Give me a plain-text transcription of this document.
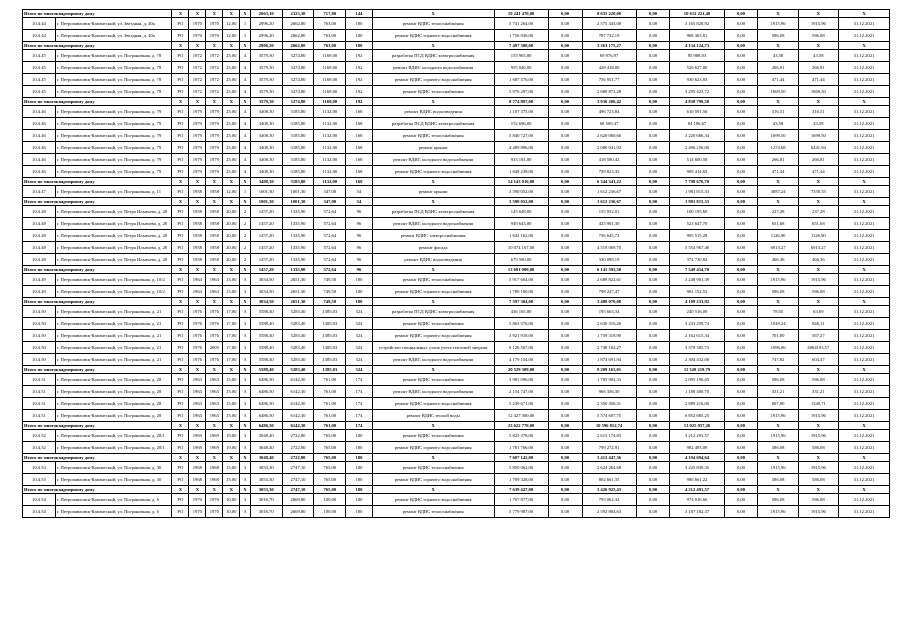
Итого по многоквартирному дому		X	X	X	X	X	2663,10	2323,30	717,00	144	X	19 241 470,00	0,00	8 635 220,00	0,00	10 612 221,40	0,00	X	X	X
10.4.44	г. Петропавловск-Камчатский, ул. Звездная, д. 40а	РО	1970	1970	12,00	1	2996,20	2662,80	763,00	180	ремонт ВДИС теплоснабжения	5 741 264,00	0,00	2 575 443,08	0,00	3 165 820,92	0,00	1915,96	1915,96	31.12.2021
10.4.44	г. Петропавловск-Камчатский, ул. Звездная, д. 40а	РО	1970	1970	12,00	1	2996,20	2662,80	763,00	180	ремонт ВДИС горячего водоснабжения	1 756 036,00	0,00	787 732,19	0,00	968 303,81	0,00	586,08	586,08	31.12.2021
Итого по многоквартирному дому		X	X	X	X	X	2996,20	2662,80	763,00	180	X	7 497 300,00	0,00	3 363 175,27	0,00	4 134 124,73	0,00	X	X	X
10.4.45	г. Петропавловск-Камчатский, ул. Пограничная, д. 78	РО	1972	1972	25,00	4	3579,30	3274,80	1169,00	192	разработка ПСД ВДИС электроснабжения	155 965,00	0,00	69 976,97	0,00	85 988,03	0,00	43,58	43,58	31.12.2021
10.4.45	г. Петропавловск-Камчатский, ул. Пограничная, д. 78	РО	1972	1972	25,00	4	3579,30	3274,80	1169,00	192	ремонт ВДИС холодного водоснабжения	955 046,00	0,00	428 418,00	0,00	526 627,00	0,00	266,81	266,81	31.12.2021
10.4.45	г. Петропавловск-Камчатский, ул. Пограничная, д. 78	РО	1972	1972	25,00	4	3579,30	3274,80	1169,00	192	ремонт ВДИС горячего водоснабжения	1 687 576,00	0,00	756 951,77	0,00	930 623,83	0,00	471,44	471,44	31.12.2021
10.4.45	г. Петропавловск-Камчатский, ул. Пограничная, д. 78	РО	1972	1972	25,00	4	3579,30	3274,80	1169,00	192	ремонт ВДИС теплоснабжения	5 976 297,00	0,00	2 680 873,28	0,00	3 295 423,72	0,00	1669,50	1669,50	31.12.2021
Итого по многоквартирному дому		X	X	X	X	X	3579,30	3274,80	1169,00	192	X	8 774 887,00	0,00	3 936 206,42	0,00	4 838 799,58	0,00	X	X	X
10.4.46	г. Петропавловск-Камчатский, ул. Пограничная, д. 79	РО	1979	1979	25,00	4	3408,30	3185,80	1132,00	168	ремонт ВДИС водоотведения	1 107 375,00	0,00	496 723,84	0,00	610 591,56	0,00	316,51	316,51	31.12.2021
10.4.46	г. Петропавловск-Камчатский, ул. Пограничная, д. 79	РО	1979	1979	25,00	4	3408,30	3185,80	1132,00	168	разработка ПСД ВДИС электроснабжения	152 696,00	0,00	68 509,47	0,00	84 186,67	0,00	43,58	43,58	31.12.2021
10.4.46	г. Петропавловск-Камчатский, ул. Пограничная, д. 79	РО	1979	1979	25,00	4	3408,30	3185,80	1132,00	168	ремонт ВДИС теплоснабжения	5 840 727,00	0,00	2 620 060,66	0,00	3 220 666,34	0,00	1699,50	1699,50	31.12.2021
10.4.46	г. Петропавловск-Камчатский, ул. Пограничная, д. 79	РО	1979	1979	25,00	4	3408,30	3185,80	1132,00	168	ремонт крыши	4 489 886,00	0,00	2 080 041,92	0,00	2 496 256,00	0,00	1274,68	6441,94	31.12.2021
10.4.46	г. Петропавловск-Камчатский, ул. Пограничная, д. 79	РО	1979	1979	25,00	4	3408,30	3185,80	1132,00	168	ремонт ВДИС холодного водоснабжения	933 181,00	0,00	418 580,42	0,00	514 600,58	0,00	266,81	266,81	31.12.2021
10.4.46	г. Петропавловск-Камчатский, ул. Пограничная, д. 79	РО	1979	1979	25,00	4	3408,30	3185,80	1132,00	168	ремонт ВДИС горячего водоснабжения	1 649 238,00	0,00	739 823,35	0,00	909 414,65	0,00	471,44	471,44	31.12.2021
Итого по многоквартирному дому		X	X	X	X	X	3408,30	3185,80	1132,00	168	X	14 143 016,00	0,00	6 344 341,22	0,00	7 798 676,70	0,00	X	X	X
10.4.47	г. Петропавловск-Камчатский, ул. Пограничная, д. 11	РО	1958	1958	12,00	1	1001,30	1001,30	347,00	54	ремонт крыши	3 590 052,00	0,00	1 612 236,67	0,00	1 981 815,33	0,00	3087,24	7350,35	31.12.2021
Итого по многоквартирному дому		X	X	X	X	X	1001,30	1001,30	347,00	54	X	3 590 052,00	0,00	1 612 236,67	0,00	1 981 815,33	0,00	X	X	X
10.4.48	г. Петропавловск-Камчатский, ул. Петра Ильичева, д. 20	РО	1958	1958	20,00	2	1457,20	1335,90	572,64	96	разработка ПСД ВДИС электроснабжения	145 648,00	0,00	155 052,01	0,00	100 195,60	0,00	237,28	237,28	31.12.2021
10.4.48	г. Петропавловск-Камчатский, ул. Петра Ильичева, д. 20	РО	1958	1958	20,00	2	1457,20	1335,90	572,64	96	ремонт ВДИС холодного водоснабжения	949 643,00	0,00	425 901,30	0,00	523 647,70	0,00	651,68	651,68	31.12.2021
10.4.48	г. Петропавловск-Камчатский, ул. Петра Ильичева, д. 20	РО	1958	1958	20,00	2	1457,20	1335,90	572,64	96	ремонт ВДИС электроснабжения	1 642 162,00	0,00	736 645,72	0,00	905 515,28	0,00	1126,90	1126,90	31.12.2021
10.4.48	г. Петропавловск-Камчатский, ул. Петра Ильичева, д. 20	РО	1958	1958	20,00	2	1457,20	1335,90	572,64	96	ремонт фасада	10 074 167,00	0,00	4 519 069,70	0,00	5 554 967,40	0,00	6913,27	6913,27	31.12.2021
10.4.48	г. Петропавловск-Камчатский, ул. Петра Ильичева, д. 20	РО	1958	1958	20,00	2	1457,20	1335,90	572,64	96	ремонт ВДИС водоотведения	679 580,00	0,00	330 098,19	0,00	374 730,82	0,00	466,36	466,36	31.12.2021
Итого по многоквартирному дому		X	X	X	X	X	1457,20	1335,90	572,64	96	X	13 691 090,00	0,00	6 141 595,30	0,00	7 549 454,70	0,00	X	X	X
10.4.49	г. Петропавловск-Камчатский, ул. Пограничная, д. 10/2	РО	1964	1964	13,00	3	3034,50	2651,30	749,50	180	ремонт ВДИС теплоснабжения	5 917 604,00	0,00	2 689 822,61	0,00	3 248 901,39	0,00	1915,96	1915,96	31.12.2021
10.4.49	г. Петропавловск-Камчатский, ул. Пограничная, д. 10/2	РО	1964	1964	13,00	3	3034,50	2651,30	749,50	180	ремонт ВДИС горячего водоснабжения	1 780 100,00	0,00	798 247,47	0,00	981 152,53	0,00	586,08	586,08	31.12.2021
Итого по многоквартирному дому		X	X	X	X	X	3034,50	2651,30	749,50	180	X	7 597 304,00	0,00	3 488 070,08	0,00	4 109 233,92	0,00	X	X	X
10.4.50	г. Петропавловск-Камчатский, ул. Пограничная, д. 21	РО	1976	1976	17,00	3	5588,40	5283,40	1385,03	324	разработка ПСД ВДИС электроснабжения	436 165,00	0,00	195 663,34	0,00	240 516,00	0,00	78,05	63,09	31.12.2021
10.4.50	г. Петропавловск-Камчатский, ул. Пограничная, д. 21	РО	1976	1976	17,00	3	5588,40	5283,40	1385,03	324	ремонт ВДИС теплоснабжения	5 863 576,00	0,00	2 630 316,26	0,00	3 233 259,74	0,00	1049,24	846,11	31.12.2021
10.4.50	г. Петропавловск-Камчатский, ул. Пограничная, д. 21	РО	1976	1976	17,00	3	5588,40	5283,40	1385,03	324	ремонт ВДИС горячего водоснабжения	3 921 918,00	0,00	1 759 318,90	0,00	2 162 615,34	0,00	701,80	567,27	31.12.2021
10.4.50	г. Петропавловск-Камчатский, ул. Пограничная, д. 21	РО	1976	2005	17,00	3	5588,40	5283,40	1385,03	324	устройство специальных узлов учета тепловой энергии	6 126 567,00	0,00	2 748 182,27	0,00	3 378 385,73	0,00	1096,06	4064193,57	31.12.2021
10.4.50	г. Петропавловск-Камчатский, ул. Пограничная, д. 21	РО	1976	1976	17,00	3	5588,40	5283,40	1385,03	324	ремонт ВДИС холодного водоснабжения	4 179 134,00	0,00	1 874 691,94	0,00	2 304 432,06	0,00	747,82	604,47	31.12.2021
Итого по многоквартирному дому		X	X	X	X	X	5588,40	5283,40	1385,03	324	X	20 529 309,00	0,00	9 209 163,01	0,00	11 320 219,79	0,00	X	X	X
10.4.51	г. Петропавловск-Камчатский, ул. Пограничная, д. 28	РО	1963	1963	15,00	3	6486,50	6142,30	761,00	174	ремонт ВДИС теплоснабжения	3 981 096,00	0,00	1 785 902,33	0,00	2 095 196,65	0,00	586,08	586,08	31.12.2021
10.4.51	г. Петропавловск-Камчатский, ул. Пограничная, д. 28	РО	1963	1963	15,00	3	6486,50	6142,30	761,00	174	ремонт ВДИС холодного водоснабжения	2 154 747,00	0,00	966 356,30	0,00	1 188 400,70	0,00	331,21	331,21	31.12.2021
10.4.51	г. Петропавловск-Камчатский, ул. Пограничная, д. 28	РО	1963	1963	15,00	3	6486,50	6142,30	761,00	174	ремонт ВДИС горячего водоснабжения	5 239 671,00	0,00	2 350 456,31	0,00	2 889 216,00	0,00	807,80	1340,71	31.12.2021
10.4.51	г. Петропавловск-Камчатский, ул. Пограничная, д. 28	РО	1963	1963	15,00	3	6486,50	6142,30	761,00	174	ремонт ВДИС теплой воды	12 427 300,00	0,00	5 574 607,75	0,00	6 852 685,25	0,00	1915,96	1915,96	31.12.2021
Итого по многоквартирному дому		X	X	X	X	X	6486,50	6142,30	761,00	174	X	23 622 770,00	0,00	10 596 812,74	0,00	13 025 957,26	0,00	X	X	X
10.4.52	г. Петропавловск-Камчатский, ул. Пограничная, д. 28/1	РО	1969	1969	19,00	3	3048,40	2722,80	765,00	180	ремонт ВДИС теплоснабжения	5 825 378,00	0,00	2 613 174,83	0,00	3 212 203,57	0,00	1915,96	1915,96	31.12.2021
10.4.52	г. Петропавловск-Камчатский, ул. Пограничная, д. 28/1	РО	1969	1969	19,00	3	3048,40	2722,80	765,00	180	ремонт ВДИС горячего водоснабжения	1 781 766,00	0,00	799 272,91	0,00	982 493,09	0,00	586,08	586,08	31.12.2021
Итого по многоквартирному дому		X	X	X	X	X	3048,40	2722,80	765,00	180	X	7 607 142,00	0,00	3 412 447,36	0,00	4 194 694,64	0,00	X	X	X
10.4.53	г. Петропавловск-Камчатский, ул. Пограничная, д. 30	РО	1968	1968	15,00	3	3053,30	2747,10	765,00	180	ремонт ВДИС теплоснабжения	5 850 062,00	0,00	2 624 264,68	0,00	3 225 830,35	0,00	1915,96	1915,96	31.12.2021
10.4.53	г. Петропавловск-Камчатский, ул. Пограничная, д. 30	РО	1968	1968	15,00	3	3053,30	2747,10	765,00	180	ремонт ВДИС горячего водоснабжения	1 789 328,00	0,00	802 661,35	0,00	986 661,22	0,00	586,08	586,08	31.12.2021
Итого по многоквартирному дому		X	X	X	X	X	3053,30	2747,10	765,00	180	X	7 639 427,00	0,00	3 426 925,43	0,00	4 212 491,57	0,00	X	X	X
10.4.54	г. Петропавловск-Камчатский, ул. Пограничная, д. 6	РО	1970	1970	10,00	3	3016,70	2669,80	100,00	180	ремонт ВДИС горячего водоснабжения	1 767 877,00	0,00	793 062,34	0,00	974 816,66	0,00	586,08	586,08	31.12.2021
10.4.54	г. Петропавловск-Камчатский, ул. Пограничная, д. 6	РО	1970	1970	10,00	3	3016,70	2669,80	100,00	180	ремонт ВДИС теплоснабжения	5 779 987,00	0,00	2 592 804,63	0,00	3 187 182,37	0,00	1915,96	1915,96	31.12.2021
